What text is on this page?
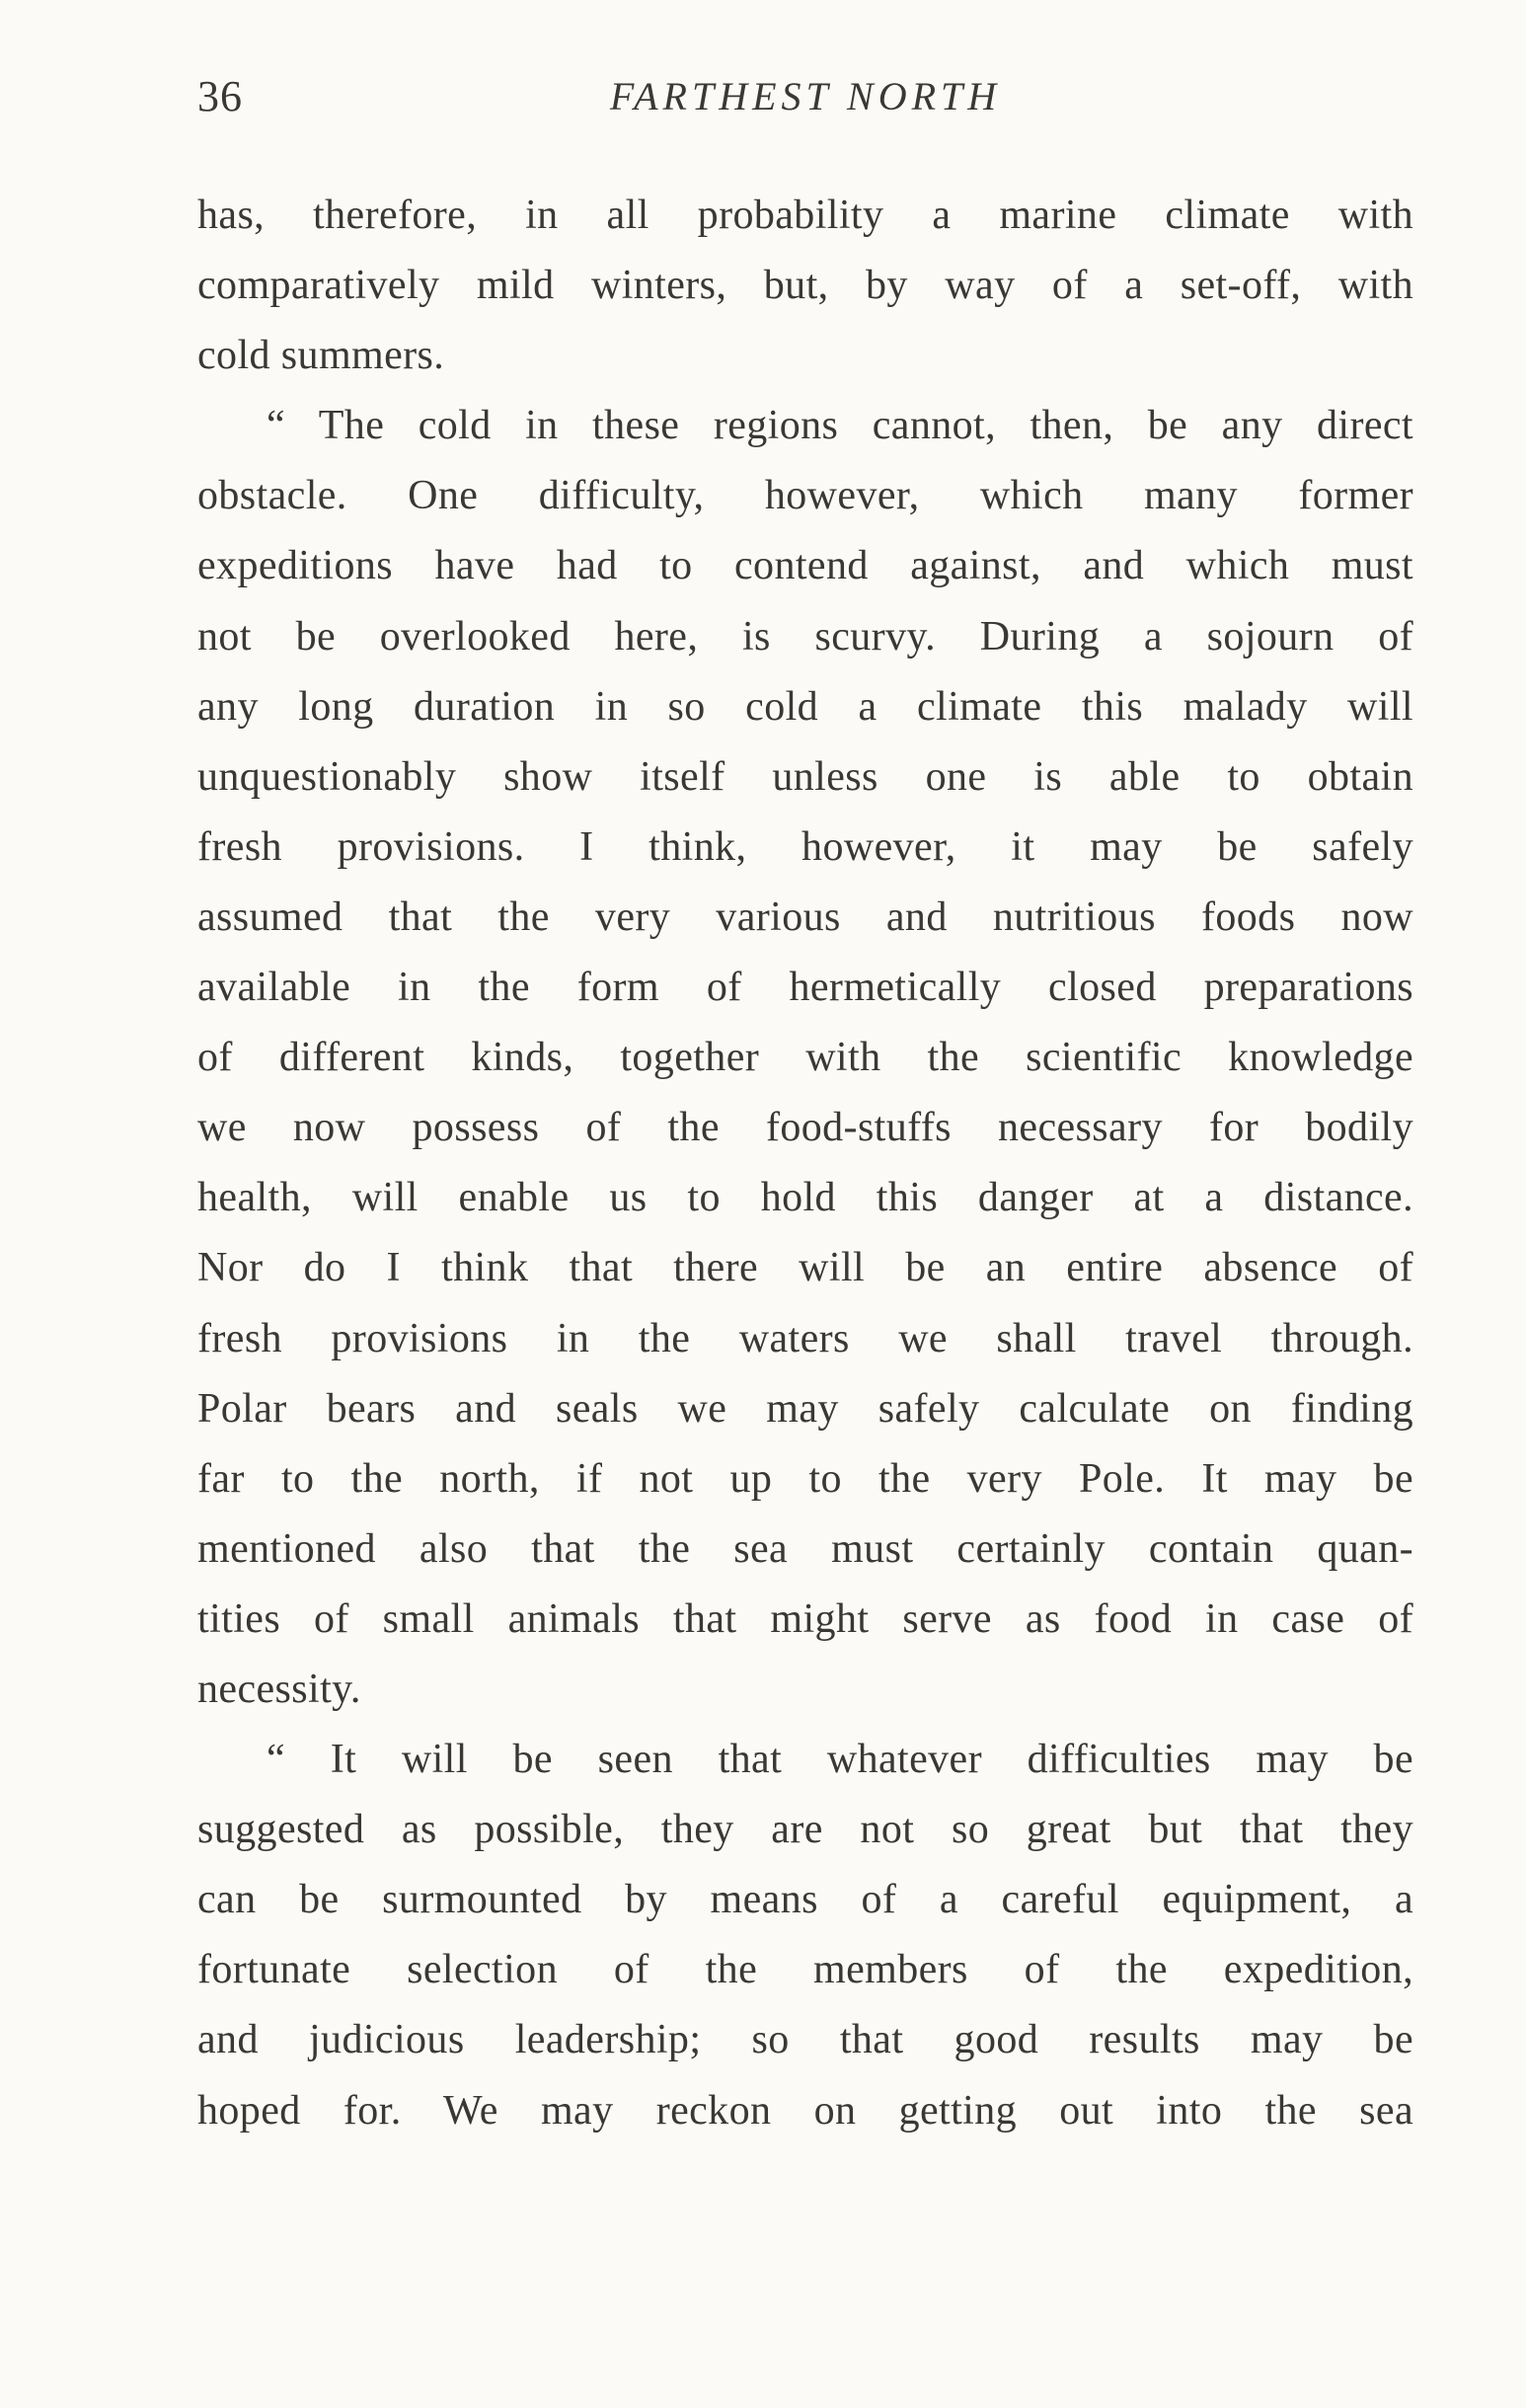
36	FARTHEST NORTH
has, therefore, in all probability a marine climate with
comparatively mild winters, but, by way of a set-off, with
cold summers.
“ The cold in these regions cannot, then, be any direct
obstacle. One difficulty, however, which many former
expeditions have had to contend against, and which must
not be overlooked here, is scurvy. During a sojourn of
any long duration in so cold a climate this malady will
unquestionably show itself unless one is able to obtain
fresh provisions. I think, however, it may be safely
assumed that the very various and nutritious foods now
available in the form of hermetically closed preparations
of different kinds, together with the scientific knowledge
we now possess of the food-stuffs necessary for bodily
health, will enable us to hold this danger at a distance.
Nor do I think that there will be an entire absence of
fresh provisions in the waters we shall travel through.
Polar bears and seals we may safely calculate on finding
far to the north, if not up to the very Pole. It may be
mentioned also that the sea must certainly contain quan-
tities of small animals that might serve as food in case of
necessity.
“ It will be seen that whatever difficulties may be
suggested as possible, they are not so great but that they
can be surmounted by means of a careful equipment, a
fortunate selection of the members of the expedition,
and judicious leadership; so that good results may be
hoped for. We may reckon on getting out into the sea
